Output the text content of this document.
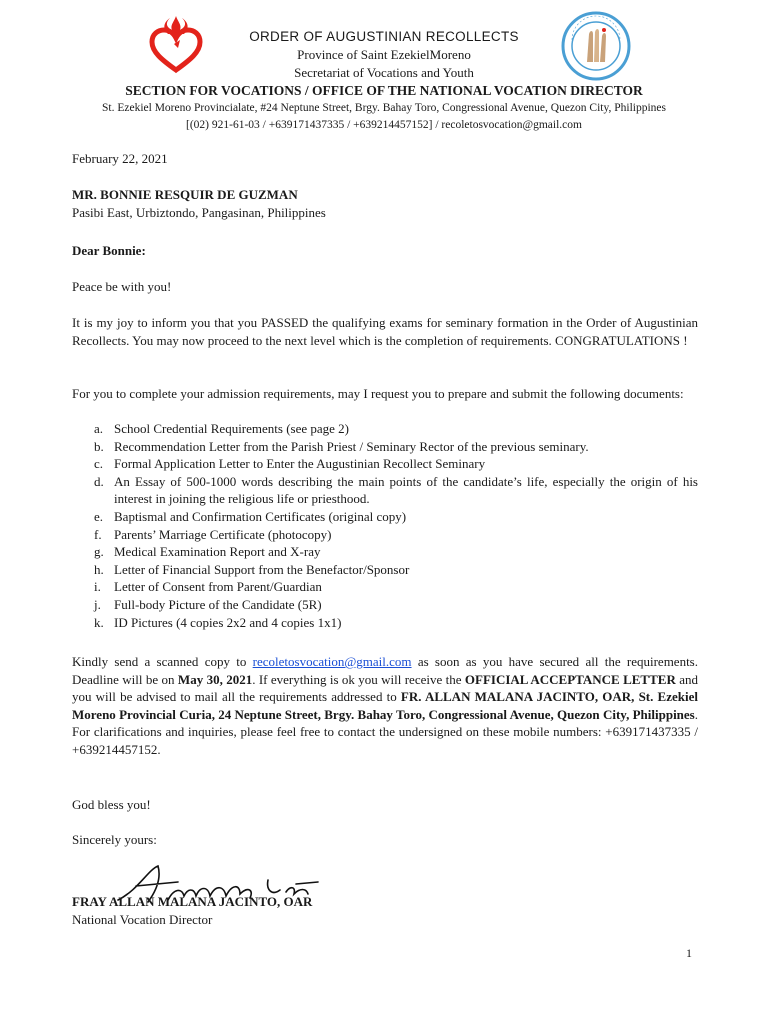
ORDER OF AUGUSTINIAN RECOLLECTS
Province of Saint EzekielMoreno
Secretariat of Vocations and Youth
SECTION FOR VOCATIONS / OFFICE OF THE NATIONAL VOCATION DIRECTOR
St. Ezekiel Moreno Provincialate, #24 Neptune Street, Brgy. Bahay Toro, Congressional Avenue, Quezon City, Philippines
[(02) 921-61-03 / +639171437335 / +639214457152] / recoletosvocation@gmail.com
February 22, 2021
MR. BONNIE RESQUIR DE GUZMAN
Pasibi East, Urbiztondo, Pangasinan, Philippines
Dear Bonnie:
Peace be with you!
It is my joy to inform you that you PASSED the qualifying exams for seminary formation in the Order of Augustinian Recollects. You may now proceed to the next level which is the completion of requirements. CONGRATULATIONS !
For you to complete your admission requirements, may I request you to prepare and submit the following documents:
a. School Credential Requirements (see page 2)
b. Recommendation Letter from the Parish Priest / Seminary Rector of the previous seminary.
c. Formal Application Letter to Enter the Augustinian Recollect Seminary
d. An Essay of 500-1000 words describing the main points of the candidate’s life, especially the origin of his interest in joining the religious life or priesthood.
e. Baptismal and Confirmation Certificates (original copy)
f. Parents’ Marriage Certificate (photocopy)
g. Medical Examination Report and X-ray
h. Letter of Financial Support from the Benefactor/Sponsor
i.	Letter of Consent from Parent/Guardian
j.	Full-body Picture of the Candidate (5R)
k. ID Pictures (4 copies 2x2 and 4 copies 1x1)
Kindly send a scanned copy to recoletosvocation@gmail.com as soon as you have secured all the requirements. Deadline will be on May 30, 2021. If everything is ok you will receive the OFFICIAL ACCEPTANCE LETTER and you will be advised to mail all the requirements addressed to FR. ALLAN MALANA JACINTO, OAR, St. Ezekiel Moreno Provincial Curia, 24 Neptune Street, Brgy. Bahay Toro, Congressional Avenue, Quezon City, Philippines. For clarifications and inquiries, please feel free to contact the undersigned on these mobile numbers: +639171437335 / +639214457152.
God bless you!
Sincerely yours:
FRAY ALLAN MALANA JACINTO, OAR
National Vocation Director
1
